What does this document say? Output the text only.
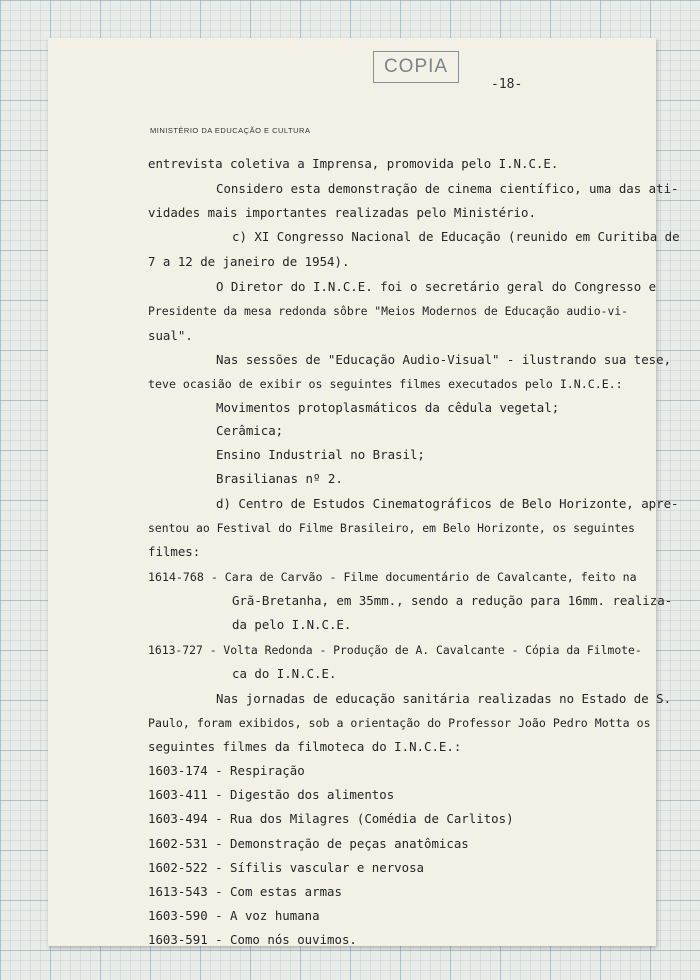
COPIA
-18-
MINISTÉRIO DA EDUCAÇÃO E CULTURA
entrevista coletiva a Imprensa, promovida pelo I.N.C.E.
Considero esta demonstração de cinema científico, uma das ati-
vidades mais importantes realizadas pelo Ministério.
c) XI Congresso Nacional de Educação (reunido em Curitiba de
7 a 12 de janeiro de 1954).
O Diretor do I.N.C.E. foi o secretário geral do Congresso e
Presidente da mesa redonda sôbre "Meios Modernos de Educação audio-vi-
sual".
Nas sessões de "Educação Audio-Visual" - ilustrando sua tese,
teve ocasião de exibir os seguintes filmes executados pelo I.N.C.E.:
Movimentos protoplasmáticos da cêdula vegetal;
Cerâmica;
Ensino Industrial no Brasil;
Brasilianas nº 2.
d) Centro de Estudos Cinematográficos de Belo Horizonte, apre-
sentou ao Festival do Filme Brasileiro, em Belo Horizonte, os seguintes
filmes:
1614-768 - Cara de Carvão - Filme documentário de Cavalcante, feito na
Grã-Bretanha, em 35mm., sendo a redução para 16mm. realiza-
da pelo I.N.C.E.
1613-727 - Volta Redonda - Produção de A. Cavalcante - Cópia da Filmote-
ca do I.N.C.E.
Nas jornadas de educação sanitária realizadas no Estado de S.
Paulo, foram exibidos, sob a orientação do Professor João Pedro Motta os
seguintes filmes da filmoteca do I.N.C.E.:
1603-174 - Respiração
1603-411 - Digestão dos alimentos
1603-494 - Rua dos Milagres (Comédia de Carlitos)
1602-531 - Demonstração de peças anatômicas
1602-522 - Sífilis vascular e nervosa
1613-543 - Com estas armas
1603-590 - A voz humana
1603-591 - Como nós ouvimos.
